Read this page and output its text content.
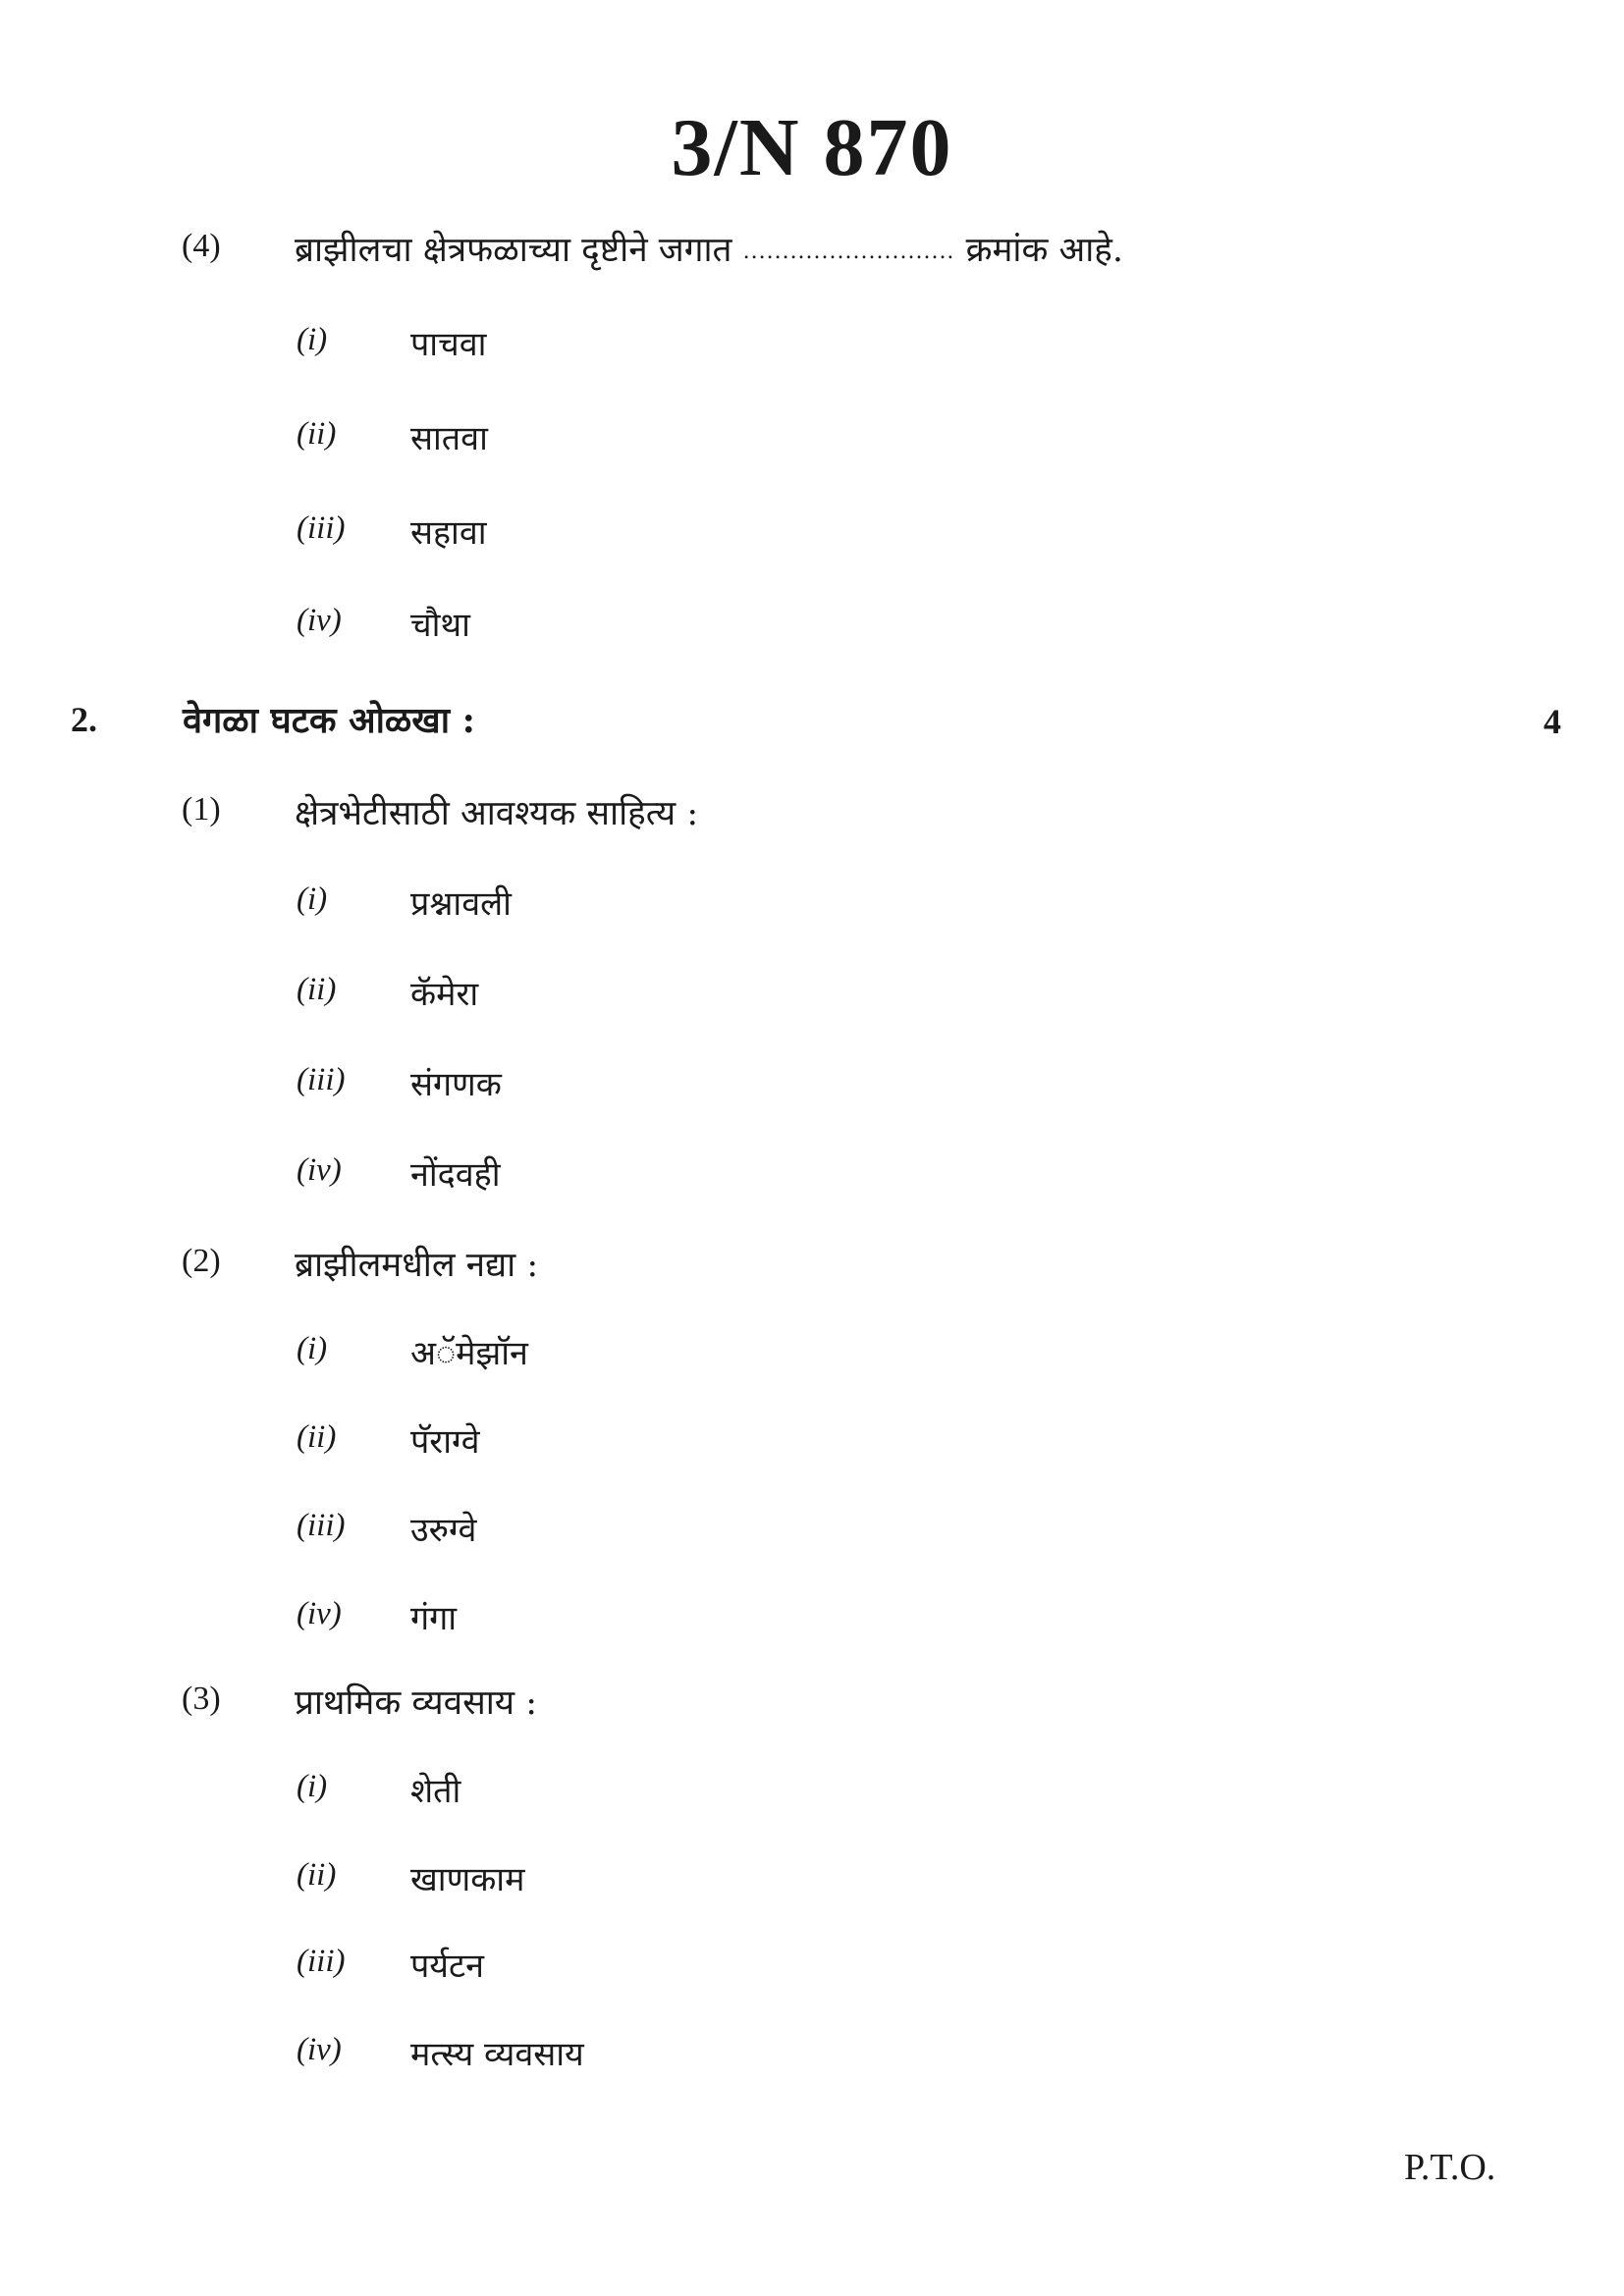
3/N 870
(4) ब्राझीलचा क्षेत्रफळाच्या दृष्टीने जगात ........................... क्रमांक आहे.
(i) पाचवा
(ii) सातवा
(iii) सहावा
(iv) चौथा
2. वेगळा घटक ओळखा :	4
(1) क्षेत्रभेटीसाठी आवश्यक साहित्य :
(i) प्रश्नावली
(ii) कॅमेरा
(iii) संगणक
(iv) नोंदवही
(2) ब्राझीलमधील नद्या :
(i) अॅमेझॉन
(ii) पॅराग्वे
(iii) उरुग्वे
(iv) गंगा
(3) प्राथमिक व्यवसाय :
(i) शेती
(ii) खाणकाम
(iii) पर्यटन
(iv) मत्स्य व्यवसाय
P.T.O.
